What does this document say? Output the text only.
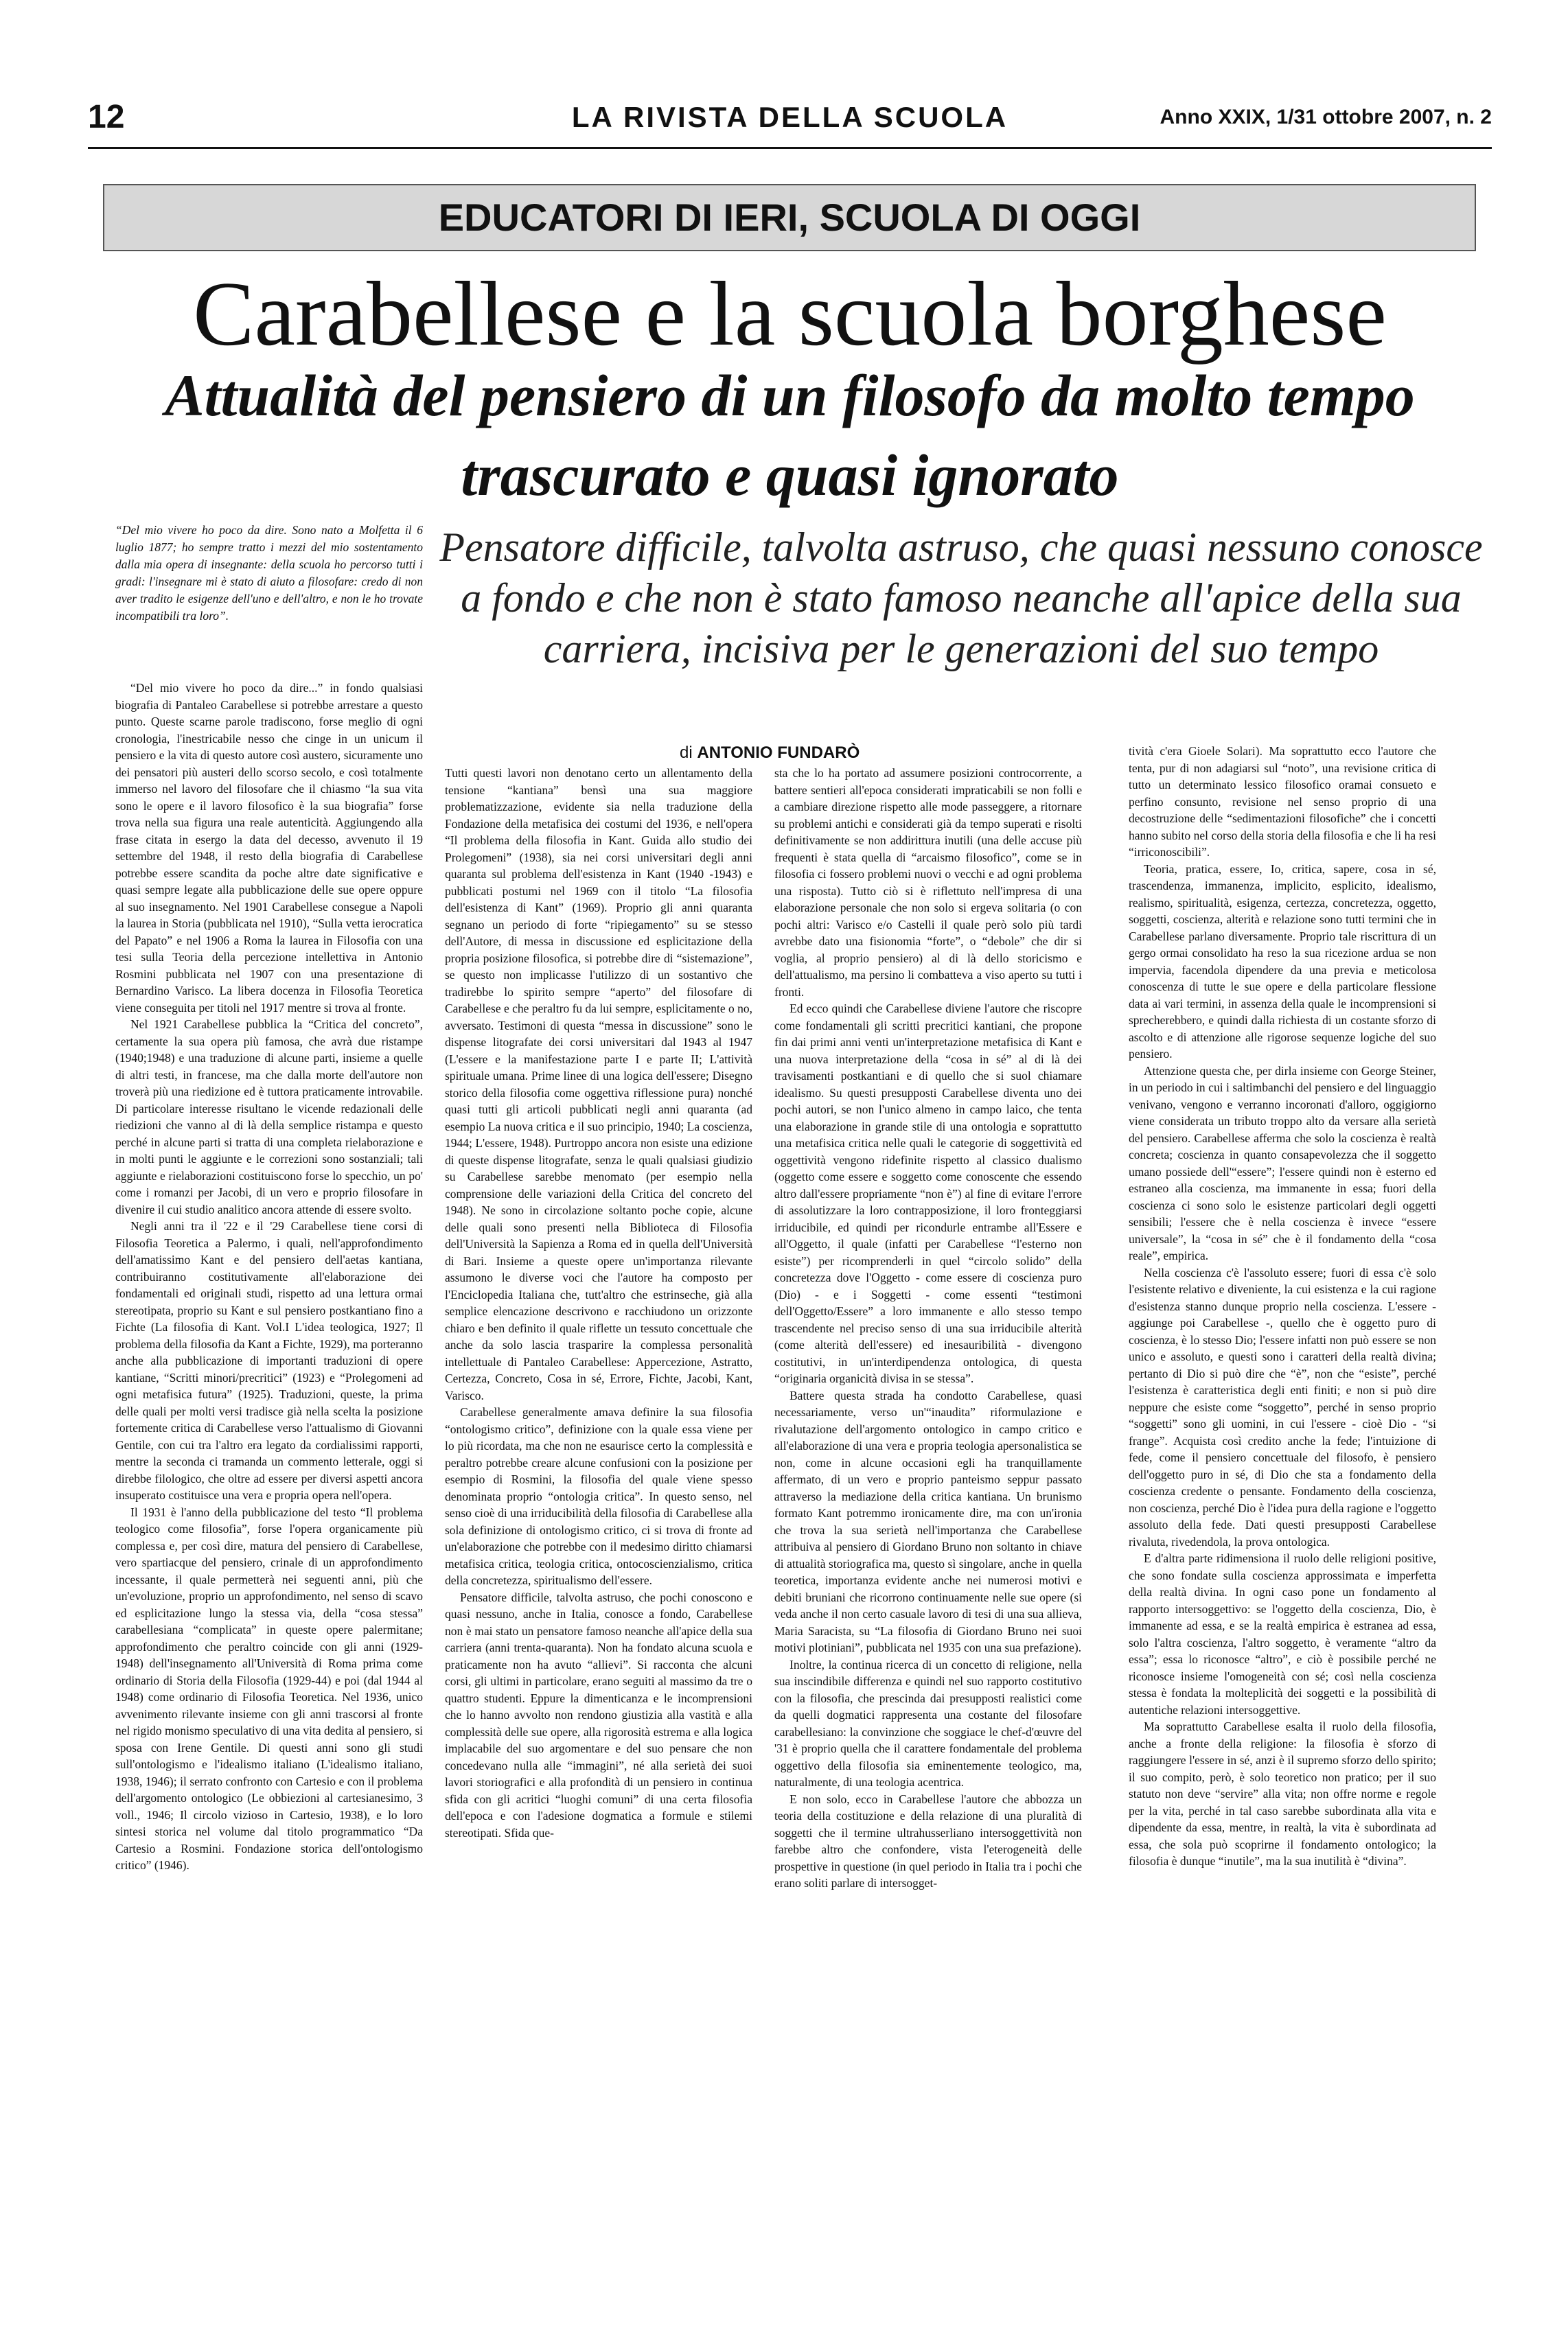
12	LA RIVISTA DELLA SCUOLA	Anno XXIX, 1/31 ottobre 2007, n. 2
EDUCATORI DI IERI, SCUOLA DI OGGI
Carabellese e la scuola borghese
Attualità del pensiero di un filosofo da molto tempo trascurato e quasi ignorato
“Del mio vivere ho poco da dire. Sono nato a Molfetta il 6 luglio 1877; ho sempre tratto i mezzi del mio sostentamento dalla mia opera di insegnante: della scuola ho percorso tutti i gradi: l'insegnare mi è stato di aiuto a filosofare: credo di non aver tradito le esigenze dell'uno e dell'altro, e non le ho trovate incompatibili tra loro”.
Pensatore difficile, talvolta astruso, che quasi nessuno conosce a fondo e che non è stato famoso neanche all'apice della sua carriera, incisiva per le generazioni del suo tempo
di ANTONIO FUNDARÒ

“Del mio vivere ho poco da dire...” in fondo qualsiasi biografia di Pantaleo Carabellese si potrebbe arrestare a questo punto. Queste scarne parole tradiscono, forse meglio di ogni cronologia, l'inestricabile nesso che cinge in un unicum il pensiero e la vita di questo autore così austero, sicuramente uno dei pensatori più austeri dello scorso secolo, e così totalmente immerso nel lavoro del filosofare che il chiasmo “la sua vita sono le opere e il lavoro filosofico è la sua biografia” forse trova nella sua figura una reale autenticità. Aggiungendo alla frase citata in esergo la data del decesso, avvenuto il 19 settembre del 1948, il resto della biografia di Carabellese potrebbe essere scandita da poche altre date significative e quasi sempre legate alla pubblicazione delle sue opere oppure al suo insegnamento. Nel 1901 Carabellese consegue a Napoli la laurea in Storia (pubblicata nel 1910), “Sulla vetta ierocratica del Papato” e nel 1906 a Roma la laurea in Filosofia con una tesi sulla Teoria della percezione intellettiva in Antonio Rosmini pubblicata nel 1907 con una presentazione di Bernardino Varisco. La libera docenza in Filosofia Teoretica viene conseguita per titoli nel 1917 mentre si trova al fronte.

Nel 1921 Carabellese pubblica la “Critica del concreto”, certamente la sua opera più famosa, che avrà due ristampe (1940;1948) e una traduzione di alcune parti, insieme a quelle di altri testi, in francese, ma che dalla morte dell'autore non troverà più una riedizione ed è tuttora praticamente introvabile. Di particolare interesse risultano le vicende redazionali delle riedizioni che vanno al di là della semplice ristampa e questo perché in alcune parti si tratta di una completa rielaborazione e in molti punti le aggiunte e le correzioni sono sostanziali; tali aggiunte e rielaborazioni costituiscono forse lo specchio, un po' come i romanzi per Jacobi, di un vero e proprio filosofare in divenire il cui studio analitico ancora attende di essere svolto.

Negli anni tra il '22 e il '29 Carabellese tiene corsi di Filosofia Teoretica a Palermo, i quali, nell'approfondimento dell'amatissimo Kant e del pensiero dell'aetas kantiana, contribuiranno costitutivamente all'elaborazione dei fondamentali ed originali studi, rispetto ad una lettura ormai stereotipata, proprio su Kant e sul pensiero postkantiano fino a Fichte (La filosofia di Kant. Vol.I L'idea teologica, 1927; Il problema della filosofia da Kant a Fichte, 1929), ma porteranno anche alla pubblicazione di importanti traduzioni di opere kantiane, “Scritti minori/precritici” (1923) e “Prolegomeni ad ogni metafisica futura” (1925). Traduzioni, queste, la prima delle quali per molti versi tradisce già nella scelta la posizione fortemente critica di Carabellese verso l'attualismo di Giovanni Gentile, con cui tra l'altro era legato da cordialissimi rapporti, mentre la seconda ci tramanda un commento letterale, oggi si direbbe filologico, che oltre ad essere per diversi aspetti ancora insuperato costituisce una vera e propria opera nell'opera.

Il 1931 è l'anno della pubblicazione del testo “Il problema teologico come filosofia”, forse l'opera organicamente più complessa e, per così dire, matura del pensiero di Carabellese, vero spartiacque del pensiero, crinale di un approfondimento incessante, il quale permetterà nei seguenti anni, più che un'evoluzione, proprio un approfondimento, nel senso di scavo ed esplicitazione lungo la stessa via, della “cosa stessa” carabellesiana “complicata” in queste opere palermitane; approfondimento che peraltro coincide con gli anni (1929-1948) dell'insegnamento all'Università di Roma prima come ordinario di Storia della Filosofia (1929-44) e poi (dal 1944 al 1948) come ordinario di Filosofia Teoretica. Nel 1936, unico avvenimento rilevante insieme con gli anni trascorsi al fronte nel rigido monismo speculativo di una vita dedita al pensiero, si sposa con Irene Gentile. Di questi anni sono gli studi sull'ontologismo e l'idealismo italiano (L'idealismo italiano, 1938, 1946); il serrato confronto con Cartesio e con il problema dell'argomento ontologico (Le obbiezioni al cartesianesimo, 3 voll., 1946; Il circolo vizioso in Cartesio, 1938), e lo loro sintesi storica nel volume dal titolo programmatico “Da Cartesio a Rosmini. Fondazione storica dell'ontologismo critico” (1946).

Tutti questi lavori non denotano certo un allentamento della tensione “kantiana” bensì una sua maggiore problematizzazione, evidente sia nella traduzione della Fondazione della metafisica dei costumi del 1936, e nell'opera “Il problema della filosofia in Kant. Guida allo studio dei Prolegomeni” (1938), sia nei corsi universitari degli anni quaranta sul problema dell'esistenza in Kant (1940 -1943) e pubblicati postumi nel 1969 con il titolo “La filosofia dell'esistenza di Kant” (1969). Proprio gli anni quaranta segnano un periodo di forte “ripiegamento” su se stesso dell'Autore, di messa in discussione ed esplicitazione della propria posizione filosofica, si potrebbe dire di “sistemazione”, se questo non implicasse l'utilizzo di un sostantivo che tradirebbe lo spirito sempre “aperto” del filosofare di Carabellese e che peraltro fu da lui sempre, esplicitamente o no, avversato. Testimoni di questa “messa in discussione” sono le dispense litografate dei corsi universitari dal 1943 al 1947 (L'essere e la manifestazione parte I e parte II; L'attività spirituale umana. Prime linee di una logica dell'essere; Disegno storico della filosofia come oggettiva riflessione pura) nonché quasi tutti gli articoli pubblicati negli anni quaranta (ad esempio La nuova critica e il suo principio, 1940; La coscienza, 1944; L'essere, 1948). Purtroppo ancora non esiste una edizione di queste dispense litografate, senza le quali qualsiasi giudizio su Carabellese sarebbe menomato (per esempio nella comprensione delle variazioni della Critica del concreto del 1948). Ne sono in circolazione soltanto poche copie, alcune delle quali sono presenti nella Biblioteca di Filosofia dell'Università la Sapienza a Roma ed in quella dell'Università di Bari. Insieme a queste opere un'importanza rilevante assumono le diverse voci che l'autore ha composto per l'Enciclopedia Italiana che, tutt'altro che estrinseche, già alla semplice elencazione descrivono e racchiudono un orizzonte chiaro e ben definito il quale riflette un tessuto concettuale che anche da solo lascia trasparire la complessa personalità intellettuale di Pantaleo Carabellese: Appercezione, Astratto, Certezza, Concreto, Cosa in sé, Errore, Fichte, Jacobi, Kant, Varisco.

Carabellese generalmente amava definire la sua filosofia “ontologismo critico”, definizione con la quale essa viene per lo più ricordata, ma che non ne esaurisce certo la complessità e peraltro potrebbe creare alcune confusioni con la posizione per esempio di Rosmini, la filosofia del quale viene spesso denominata proprio “ontologia critica”. In questo senso, nel senso cioè di una irriducibilità della filosofia di Carabellese alla sola definizione di ontologismo critico, ci si trova di fronte ad un'elaborazione che potrebbe con il medesimo diritto chiamarsi metafisica critica, teologia critica, ontocoscienzialismo, critica della concretezza, spiritualismo dell'essere.

Pensatore difficile, talvolta astruso, che pochi conoscono e quasi nessuno, anche in Italia, conosce a fondo, Carabellese non è mai stato un pensatore famoso neanche all'apice della sua carriera (anni trenta-quaranta). Non ha fondato alcuna scuola e praticamente non ha avuto “allievi”. Si racconta che alcuni corsi, gli ultimi in particolare, erano seguiti al massimo da tre o quattro studenti. Eppure la dimenticanza e le incomprensioni che lo hanno avvolto non rendono giustizia alla vastità e alla complessità delle sue opere, alla rigorosità estrema e alla logica implacabile del suo argomentare e del suo pensare che non concedevano nulla alle “immagini”, né alla serietà dei suoi lavori storiografici e alla profondità di un pensiero in continua sfida con gli acritici “luoghi comuni” di una certa filosofia dell'epoca e con l'adesione dogmatica a formule e stilemi stereotipati. Sfida que-

sta che lo ha portato ad assumere posizioni controcorrente, a battere sentieri all'epoca considerati impraticabili se non folli e a cambiare direzione rispetto alle mode passeggere, a ritornare su problemi antichi e considerati già da tempo superati e risolti definitivamente se non addirittura inutili (una delle accuse più frequenti è stata quella di “arcaismo filosofico”, come se in filosofia ci fossero problemi nuovi o vecchi e ad ogni problema una risposta). Tutto ciò si è riflettuto nell'impresa di una elaborazione personale che non solo si ergeva solitaria (o con pochi altri: Varisco e/o Castelli il quale però solo più tardi avrebbe dato una fisionomia “forte”, o “debole” che dir si voglia, al proprio pensiero) al di là dello storicismo e dell'attualismo, ma persino li combatteva a viso aperto su tutti i fronti.

Ed ecco quindi che Carabellese diviene l'autore che riscopre come fondamentali gli scritti precritici kantiani, che propone fin dai primi anni venti un'interpretazione metafisica di Kant e una nuova interpretazione della “cosa in sé” al di là dei travisamenti postkantiani e di quello che si suol chiamare idealismo. Su questi presupposti Carabellese diventa uno dei pochi autori, se non l'unico almeno in campo laico, che tenta una elaborazione in grande stile di una ontologia e soprattutto una metafisica critica nelle quali le categorie di soggettività ed oggettività vengono ridefinite rispetto al classico dualismo (oggetto come essere e soggetto come conoscente che essendo altro dall'essere propriamente “non è”) al fine di evitare l'errore di assolutizzare la loro contrapposizione, il loro fronteggiarsi irriducibile, ed quindi per ricondurle entrambe all'Essere e all'Oggetto, il quale (infatti per Carabellese “l'esterno non esiste”) per ricomprenderli in quel “circolo solido” della concretezza dove l'Oggetto - come essere di coscienza puro (Dio) - e i Soggetti - come essenti “testimoni dell'Oggetto/Essere” a loro immanente e allo stesso tempo trascendente nel preciso senso di una sua irriducibile alterità (come alterità dell'essere) ed inesauribilità - divengono costitutivi, in un'interdipendenza ontologica, di questa “originaria organicità divisa in se stessa”.

Battere questa strada ha condotto Carabellese, quasi necessariamente, verso un'“inaudita” riformulazione e rivalutazione dell'argomento ontologico in campo critico e all'elaborazione di una vera e propria teologia apersonalistica se non, come in alcune occasioni egli ha tranquillamente affermato, di un vero e proprio panteismo seppur passato attraverso la mediazione della critica kantiana. Un brunismo formato Kant potremmo ironicamente dire, ma con un'ironia che trova la sua serietà nell'importanza che Carabellese attribuiva al pensiero di Giordano Bruno non soltanto in chiave di attualità storiografica ma, questo sì singolare, anche in quella teoretica, importanza evidente anche nei numerosi motivi e debiti bruniani che ricorrono continuamente nelle sue opere (si veda anche il non certo casuale lavoro di tesi di una sua allieva, Maria Saracista, su “La filosofia di Giordano Bruno nei suoi motivi plotiniani”, pubblicata nel 1935 con una sua prefazione).

Inoltre, la continua ricerca di un concetto di religione, nella sua inscindibile differenza e quindi nel suo rapporto costitutivo con la filosofia, che prescinda dai presupposti realistici come da quelli dogmatici rappresenta una costante del filosofare carabellesiano: la convinzione che soggiace le chef-d'œuvre del '31 è proprio quella che il carattere fondamentale del problema oggettivo della filosofia sia eminentemente teologico, ma, naturalmente, di una teologia acentrica.

E non solo, ecco in Carabellese l'autore che abbozza un teoria della costituzione e della relazione di una pluralità di soggetti che il termine ultrahusserliano intersoggettività non farebbe altro che confondere, vista l'eterogeneità delle prospettive in questione (in quel periodo in Italia tra i pochi che erano soliti parlare di intersogget-

tività c'era Gioele Solari). Ma soprattutto ecco l'autore che tenta, pur di non adagiarsi sul “noto”, una revisione critica di tutto un determinato lessico filosofico oramai consueto e perfino consunto, revisione nel senso proprio di una decostruzione delle “sedimentazioni filosofiche” che i concetti hanno subito nel corso della storia della filosofia e che li ha resi “irriconoscibili”.

Teoria, pratica, essere, Io, critica, sapere, cosa in sé, trascendenza, immanenza, implicito, esplicito, idealismo, realismo, spiritualità, esigenza, certezza, concretezza, oggetto, soggetti, coscienza, alterità e relazione sono tutti termini che in Carabellese parlano diversamente. Proprio tale riscrittura di un gergo ormai consolidato ha reso la sua ricezione ardua se non impervia, facendola dipendere da una previa e meticolosa conoscenza di tutte le sue opere e della particolare flessione data ai vari termini, in assenza della quale le incomprensioni si sprecherebbero, e quindi dalla richiesta di un costante sforzo di ascolto e di attenzione alle rigorose sequenze logiche del suo pensiero.

Attenzione questa che, per dirla insieme con George Steiner, in un periodo in cui i saltimbanchi del pensiero e del linguaggio venivano, vengono e verranno incoronati d'alloro, oggigiorno viene considerata un tributo troppo alto da versare alla serietà del pensiero. Carabellese afferma che solo la coscienza è realtà concreta; coscienza in quanto consapevolezza che il soggetto umano possiede dell'“essere”; l'essere quindi non è esterno ed estraneo alla coscienza, ma immanente in essa; fuori della coscienza ci sono solo le esistenze particolari degli oggetti sensibili; l'essere che è nella coscienza è invece “essere universale”, la “cosa in sé” che è il fondamento della “cosa reale”, empirica.

Nella coscienza c'è l'assoluto essere; fuori di essa c'è solo l'esistente relativo e diveniente, la cui esistenza e la cui ragione d'esistenza stanno dunque proprio nella coscienza. L'essere - aggiunge poi Carabellese -, quello che è oggetto puro di coscienza, è lo stesso Dio; l'essere infatti non può essere se non unico e assoluto, e questi sono i caratteri della realtà divina; pertanto di Dio si può dire che “è”, non che “esiste”, perché l'esistenza è caratteristica degli enti finiti; e non si può dire neppure che esiste come “soggetto”, perché in senso proprio “soggetti” sono gli uomini, in cui l'essere - cioè Dio - “si frange”. Acquista così credito anche la fede; l'intuizione di fede, come il pensiero concettuale del filosofo, è pensiero dell'oggetto puro in sé, di Dio che sta a fondamento della coscienza credente o pensante. Fondamento della coscienza, non coscienza, perché Dio è l'idea pura della ragione e l'oggetto assoluto della fede. Dati questi presupposti Carabellese rivaluta, rivedendola, la prova ontologica.

E d'altra parte ridimensiona il ruolo delle religioni positive, che sono fondate sulla coscienza approssimata e imperfetta della realtà divina. In ogni caso pone un fondamento al rapporto intersoggettivo: se l'oggetto della coscienza, Dio, è immanente ad essa, e se la realtà empirica è estranea ad essa, solo l'altra coscienza, l'altro soggetto, è veramente “altro da essa”; essa lo riconosce “altro”, e ciò è possibile perché ne riconosce insieme l'omogeneità con sé; così nella coscienza stessa è fondata la molteplicità dei soggetti e la possibilità di autentiche relazioni intersoggettive.

Ma soprattutto Carabellese esalta il ruolo della filosofia, anche a fronte della religione: la filosofia è sforzo di raggiungere l'essere in sé, anzi è il supremo sforzo dello spirito; il suo compito, però, è solo teoretico non pratico; per il suo statuto non deve “servire” alla vita; non offre norme e regole per la vita, perché in tal caso sarebbe subordinata alla vita e dipendente da essa, mentre, in realtà, la vita è subordinata ad essa, che sola può scoprirne il fondamento ontologico; la filosofia è dunque “inutile”, ma la sua inutilità è “divina”.
